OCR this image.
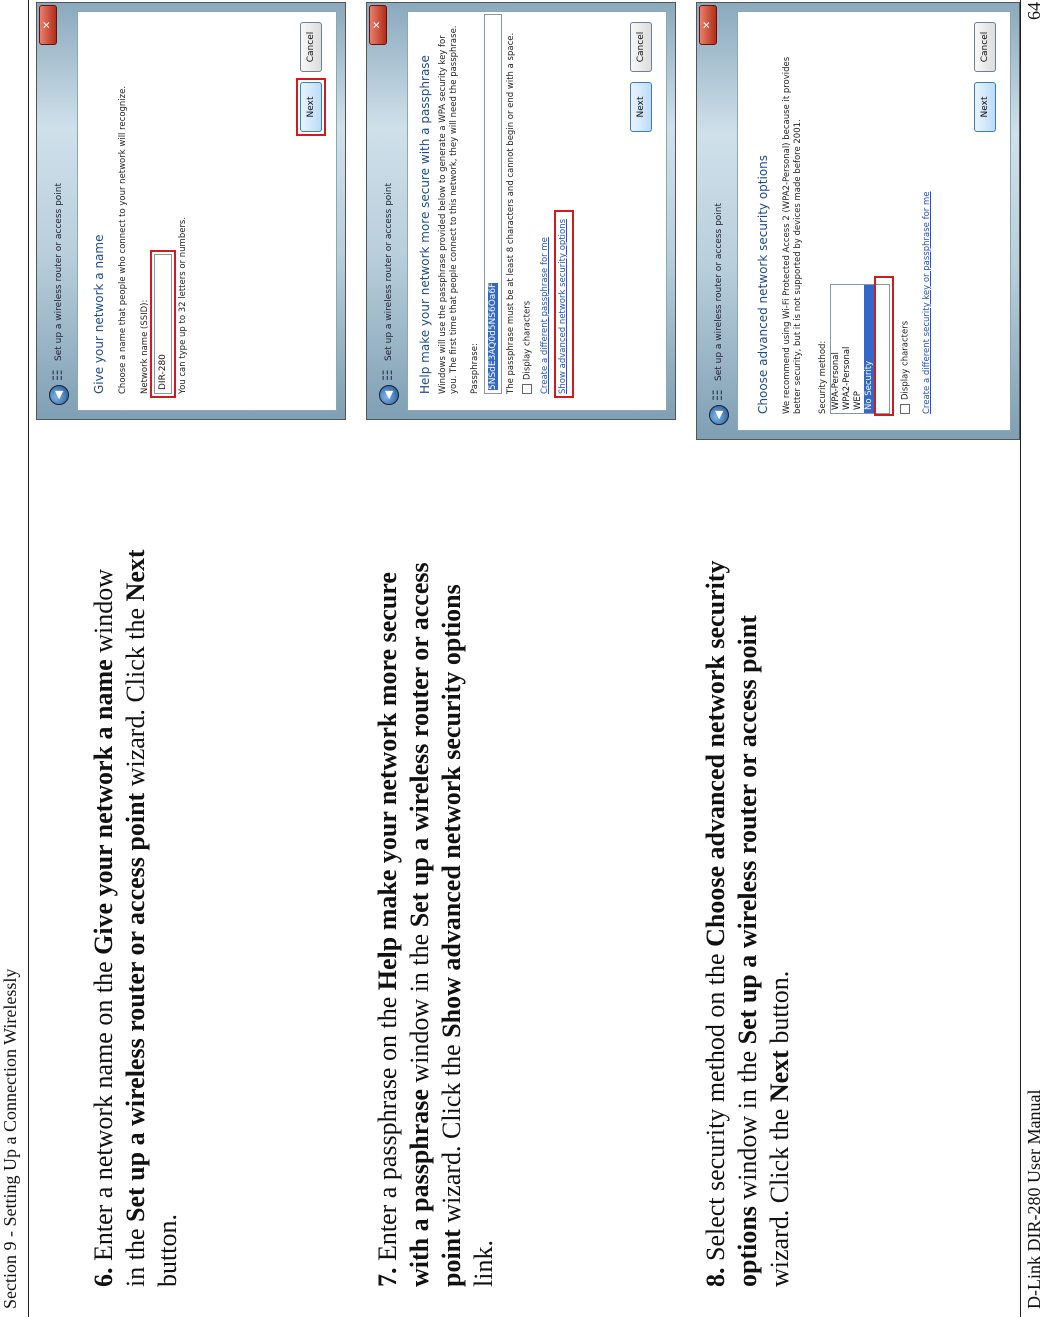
Section 9 - Setting Up a Connection Wirelessly	6. Enter a network name on the Give your network a name window in the Set up a wireless router or access point wizard. Click the Next button.	7. Enter a passphrase on the Help make your network more secure with a passphrase window in the Set up a wireless router or access point wizard. Click the Show advanced network security options link.	8. Select security method on the Choose advanced network security options window in the Set up a wireless router or access point wizard. Click the Next button.
◀
☷
Set up a wireless router or access point
✕
Give your network a name Choose a name that people who connect to your network will recognize. Network name (SSID): DIR-280	You can type up to 32 letters or numbers.
Next
Cancel
◀
☷
Set up a wireless router or access point
✕
Help make your network more secure with a passphrase Windows will use the passphrase provided below to generate a WPA security key for you. The first time that people connect to this network, they will need the passphrase. Passphrase: 5NSdE3AQ0d5NS6Oa6F The passphrase must be at least 8 characters and cannot begin or end with a space. Display characters Create a different passphrase for me Show advanced network security options
Next
Cancel
◀
☷
Set up a wireless router or access point
✕
Choose advanced network security options We recommend using Wi-Fi Protected Access 2 (WPA2-Personal) because it provides better security, but it is not supported by devices made before 2001. Security method: WPA-Personal WPA2-Personal WEP No Security	Display characters Create a different security key or passphrase for me
Next
Cancel
D-Link DIR-280 User Manual
64
